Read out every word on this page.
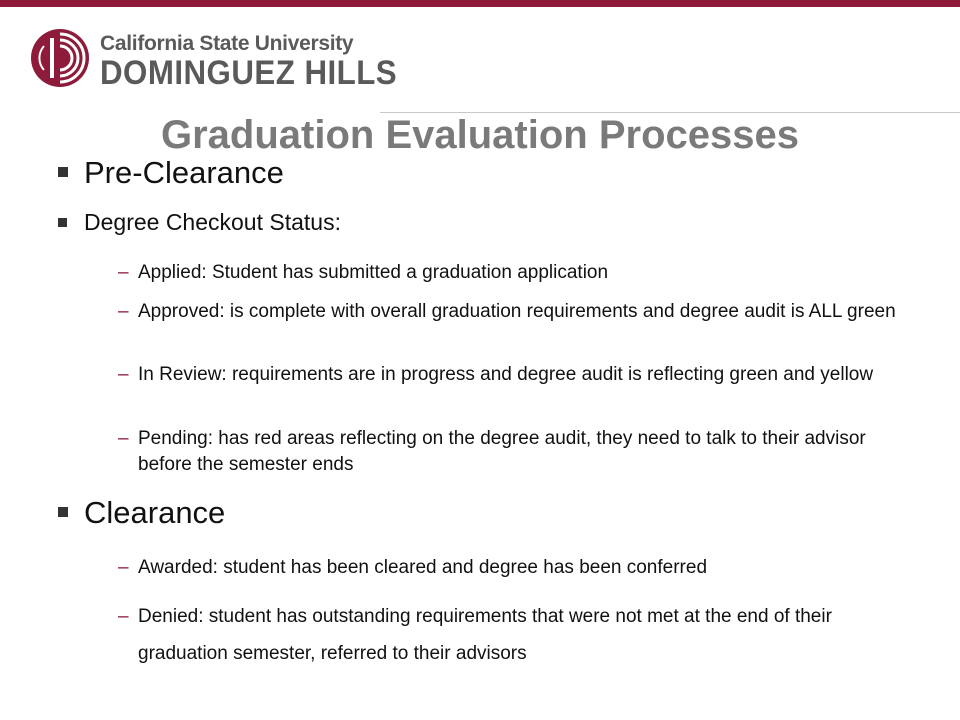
California State University
DOMINGUEZ HILLS
Graduation Evaluation Processes
Pre-Clearance
Degree Checkout Status:
– Applied: Student has submitted a graduation application
– Approved: is complete with overall graduation requirements and degree audit is ALL green
– In Review: requirements are in progress and degree audit is reflecting green and yellow
– Pending: has red areas reflecting on the degree audit, they need to talk to their advisor before the semester ends
Clearance
– Awarded: student has been cleared and degree has been conferred
– Denied: student has outstanding requirements that were not met at the end of their graduation semester, referred to their advisors
